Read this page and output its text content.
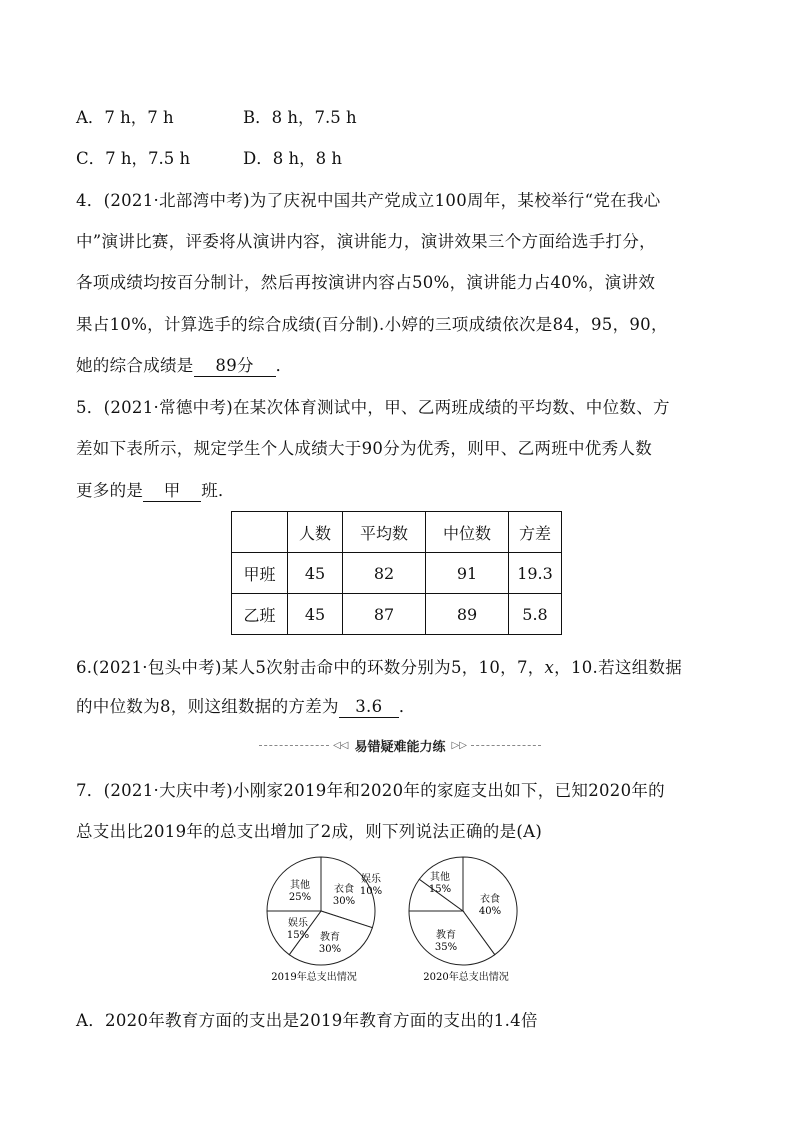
A．7 h，7 h	B．8 h，7.5 h
C．7 h，7.5 h	D．8 h，8 h
4．(2021·北部湾中考)为了庆祝中国共产党成立100周年，某校举行“党在我心
中”演讲比赛，评委将从演讲内容，演讲能力，演讲效果三个方面给选手打分，
各项成绩均按百分制计，然后再按演讲内容占50%，演讲能力占40%，演讲效
果占10%，计算选手的综合成绩(百分制).小婷的三项成绩依次是84，95，90，
她的综合成绩是 89分 ．
5．(2021·常德中考)在某次体育测试中，甲、乙两班成绩的平均数、中位数、方
差如下表所示，规定学生个人成绩大于90分为优秀，则甲、乙两班中优秀人数
更多的是 甲 班．
	人数	平均数	中位数	方差
甲班	45	82	91	19.3
乙班	45	87	89	5.8
6.(2021·包头中考)某人5次射击命中的环数分别为5，10，7，x，10.若这组数据
的中位数为8，则这组数据的方差为 3.6 ．
◁◁ 易错疑难能力练 ▷▷
7．(2021·大庆中考)小刚家2019年和2020年的家庭支出如下，已知2020年的
总支出比2019年的总支出增加了2成，则下列说法正确的是(A)
衣食
30%
教育
30%
娱乐
15%
其他
25%
2019年总支出情况
衣食
40%
教育
35%
娱乐
10%
其他
15%
2020年总支出情况
A．2020年教育方面的支出是2019年教育方面的支出的1.4倍
